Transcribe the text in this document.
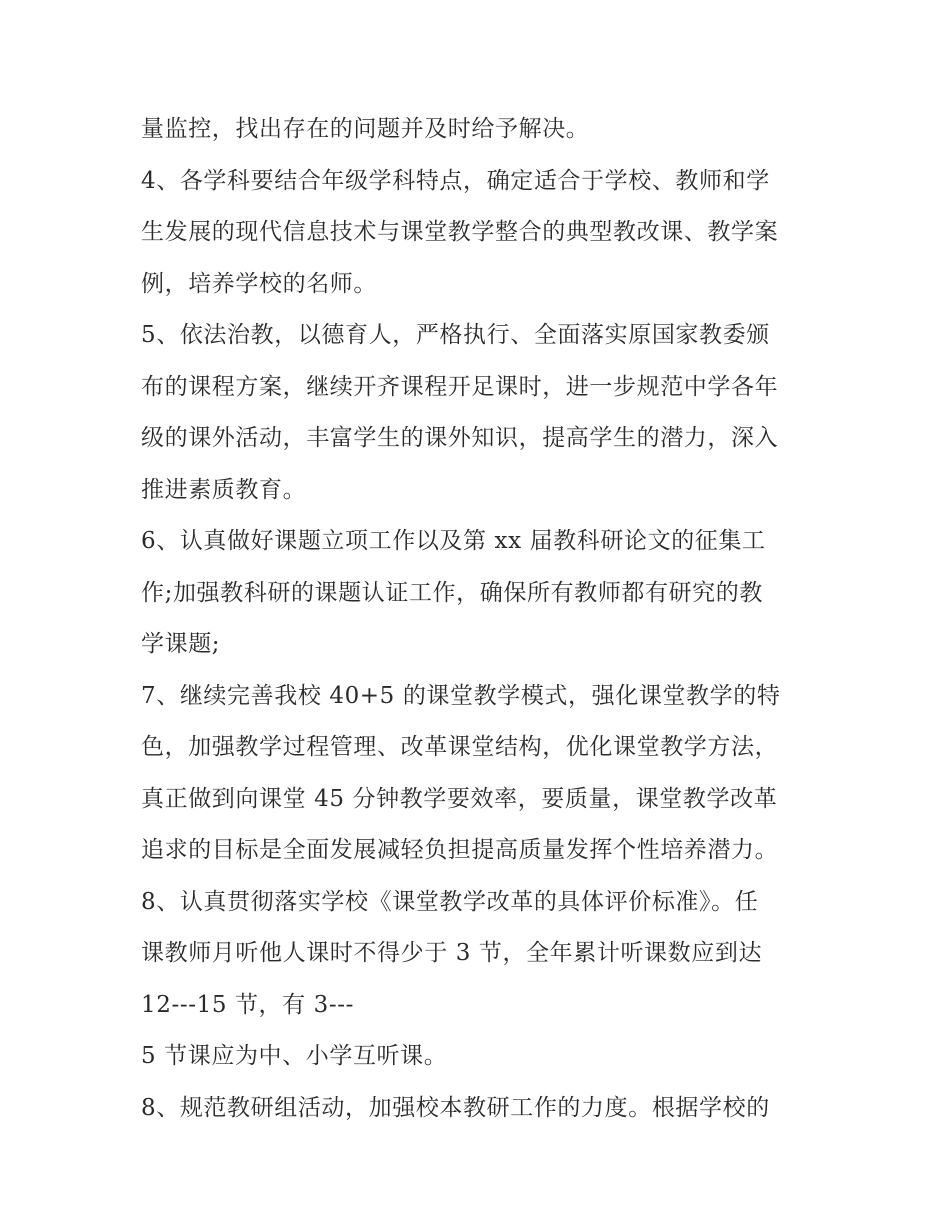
量监控，找出存在的问题并及时给予解决。
4、各学科要结合年级学科特点，确定适合于学校、教师和学
生发展的现代信息技术与课堂教学整合的典型教改课、教学案
例，培养学校的名师。
5、依法治教，以德育人，严格执行、全面落实原国家教委颁
布的课程方案，继续开齐课程开足课时，进一步规范中学各年
级的课外活动，丰富学生的课外知识，提高学生的潜力，深入
推进素质教育。
6、认真做好课题立项工作以及第 xx 届教科研论文的征集工
作;加强教科研的课题认证工作，确保所有教师都有研究的教
学课题;
7、继续完善我校 40+5 的课堂教学模式，强化课堂教学的特
色，加强教学过程管理、改革课堂结构，优化课堂教学方法，
真正做到向课堂 45 分钟教学要效率，要质量，课堂教学改革
追求的目标是全面发展减轻负担提高质量发挥个性培养潜力。
8、认真贯彻落实学校《课堂教学改革的具体评价标准》。任
课教师月听他人课时不得少于 3 节，全年累计听课数应到达
12---15 节，有 3---
5 节课应为中、小学互听课。
8、规范教研组活动，加强校本教研工作的力度。根据学校的
